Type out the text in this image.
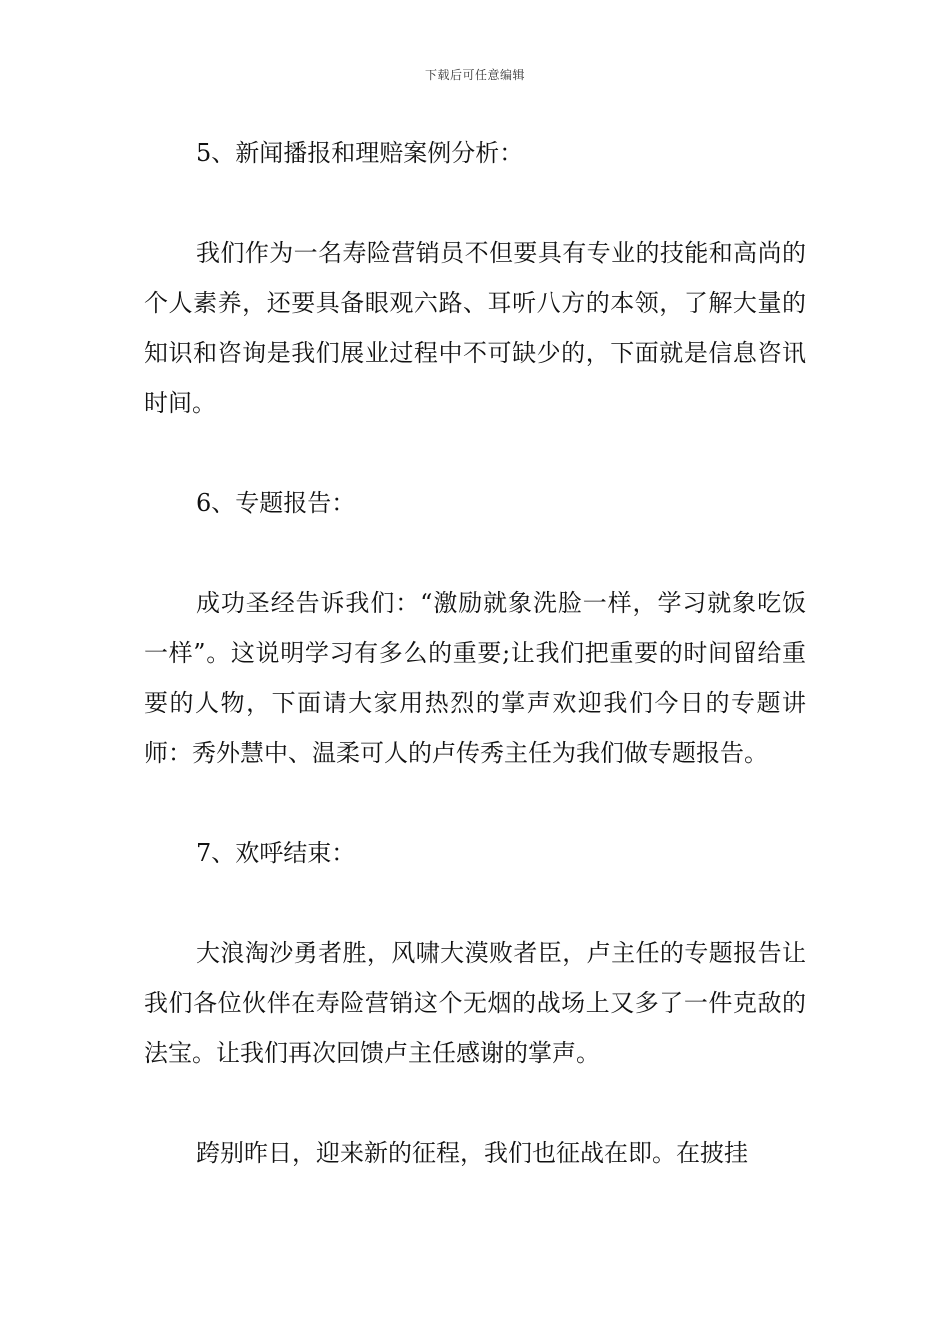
下载后可任意编辑

5、新闻播报和理赔案例分析：

我们作为一名寿险营销员不但要具有专业的技能和高尚的个人素养，还要具备眼观六路、耳听八方的本领，了解大量的知识和咨询是我们展业过程中不可缺少的，下面就是信息咨讯时间。

6、专题报告：

成功圣经告诉我们：“激励就象洗脸一样，学习就象吃饭一样”。这说明学习有多么的重要;让我们把重要的时间留给重要的人物，下面请大家用热烈的掌声欢迎我们今日的专题讲师：秀外慧中、温柔可人的卢传秀主任为我们做专题报告。

7、欢呼结束：

大浪淘沙勇者胜，风啸大漠败者臣，卢主任的专题报告让我们各位伙伴在寿险营销这个无烟的战场上又多了一件克敌的法宝。让我们再次回馈卢主任感谢的掌声。

跨别昨日，迎来新的征程，我们也征战在即。在披挂
